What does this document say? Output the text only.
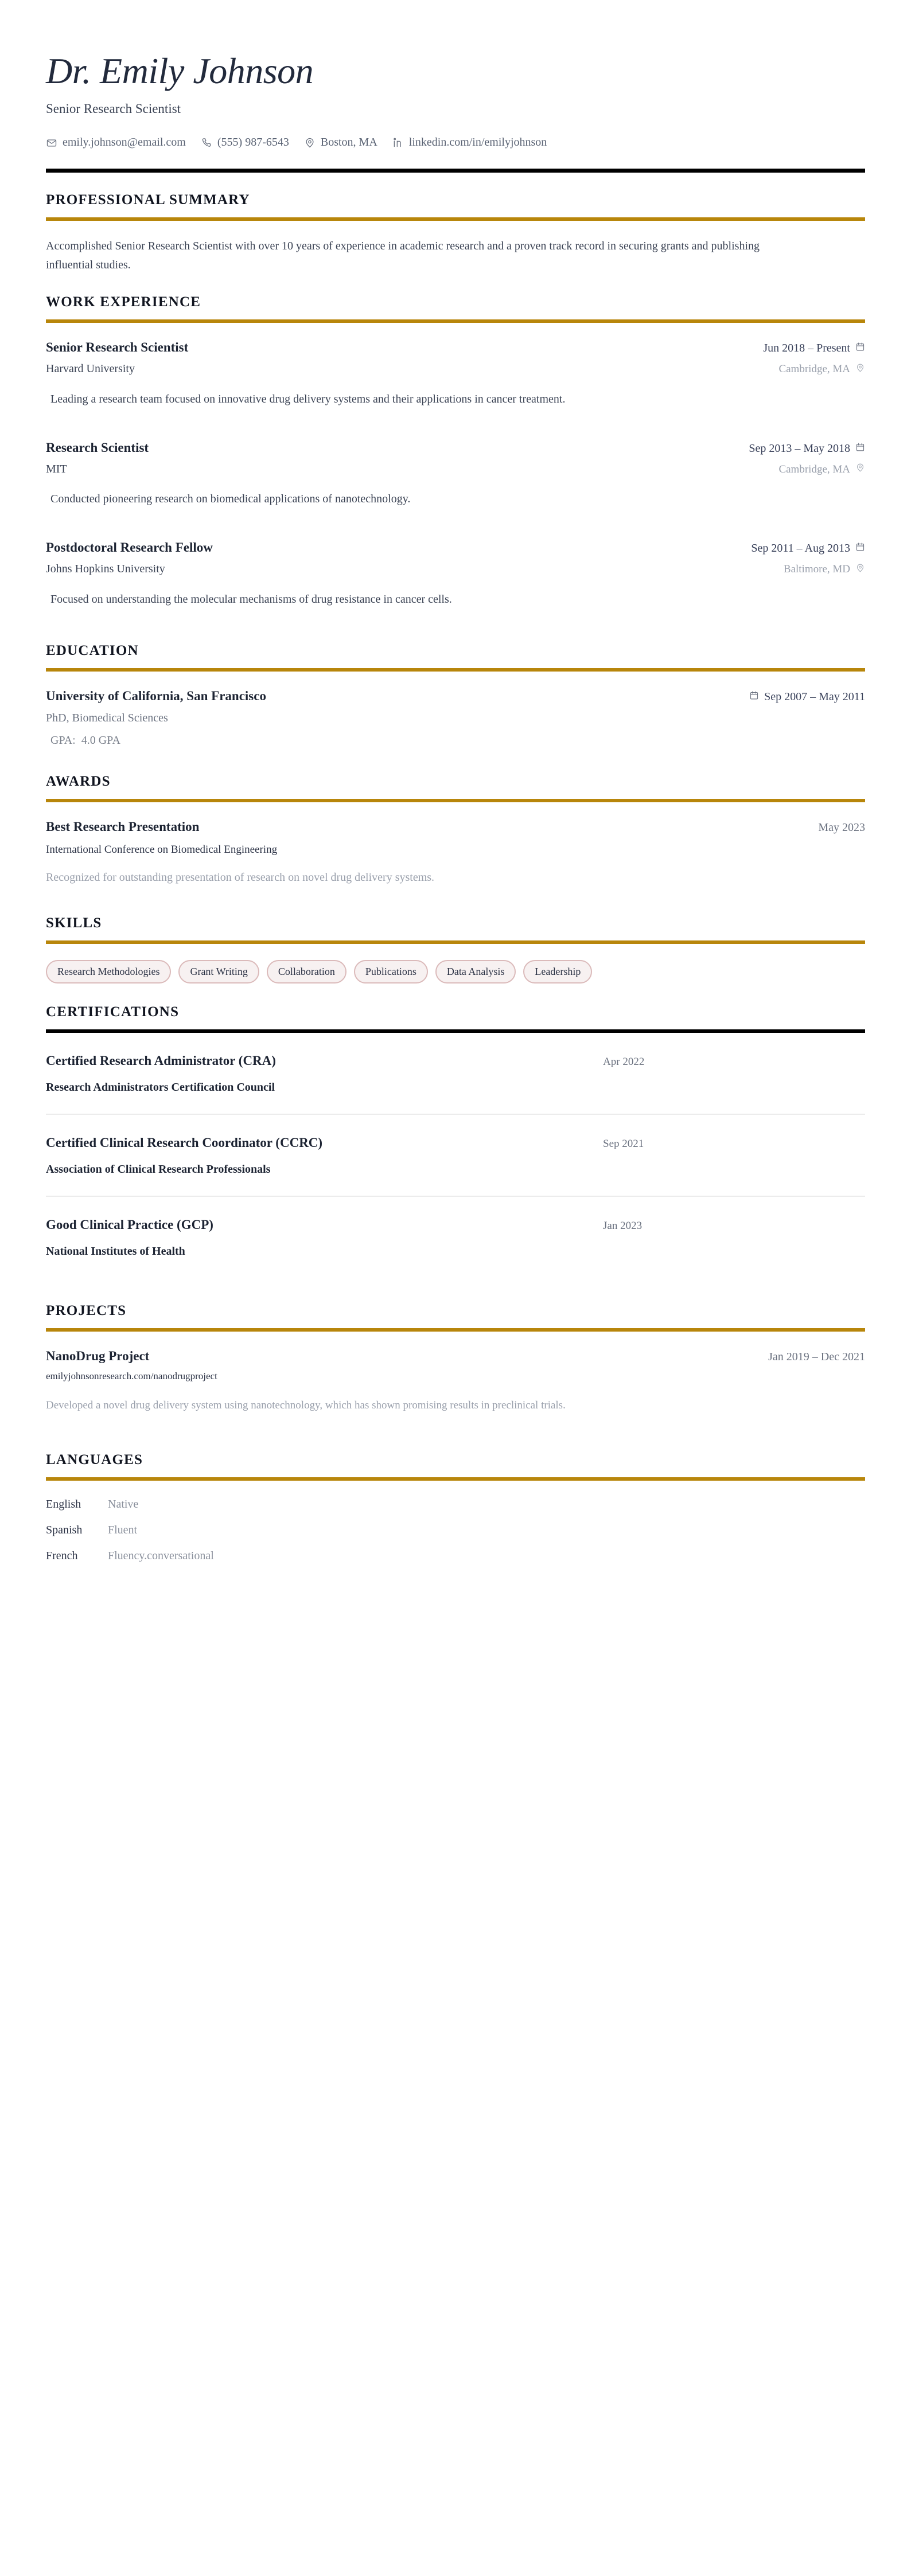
Dr. Emily Johnson
Senior Research Scientist
emily.johnson@email.com	(555) 987-6543	Boston, MA	linkedin.com/in/emilyjohnson
PROFESSIONAL SUMMARY
Accomplished Senior Research Scientist with over 10 years of experience in academic research and a proven track record in securing grants and publishing influential studies.
WORK EXPERIENCE
Senior Research Scientist	Jun 2018 – Present
Harvard University	Cambridge, MA
Leading a research team focused on innovative drug delivery systems and their applications in cancer treatment.
Research Scientist	Sep 2013 – May 2018
MIT	Cambridge, MA
Conducted pioneering research on biomedical applications of nanotechnology.
Postdoctoral Research Fellow	Sep 2011 – Aug 2013
Johns Hopkins University	Baltimore, MD
Focused on understanding the molecular mechanisms of drug resistance in cancer cells.
EDUCATION
University of California, San Francisco	Sep 2007 – May 2011
PhD, Biomedical Sciences
GPA: 4.0 GPA
AWARDS
Best Research Presentation	May 2023
International Conference on Biomedical Engineering
Recognized for outstanding presentation of research on novel drug delivery systems.
SKILLS
Research Methodologies	Grant Writing	Collaboration	Publications	Data Analysis	Leadership
CERTIFICATIONS
Certified Research Administrator (CRA)	Apr 2022
Research Administrators Certification Council
Certified Clinical Research Coordinator (CCRC)	Sep 2021
Association of Clinical Research Professionals
Good Clinical Practice (GCP)	Jan 2023
National Institutes of Health
PROJECTS
NanoDrug Project	Jan 2019 – Dec 2021
emilyjohnsonresearch.com/nanodrugproject
Developed a novel drug delivery system using nanotechnology, which has shown promising results in preclinical trials.
LANGUAGES
English	Native
Spanish	Fluent
French	Fluency.conversational
